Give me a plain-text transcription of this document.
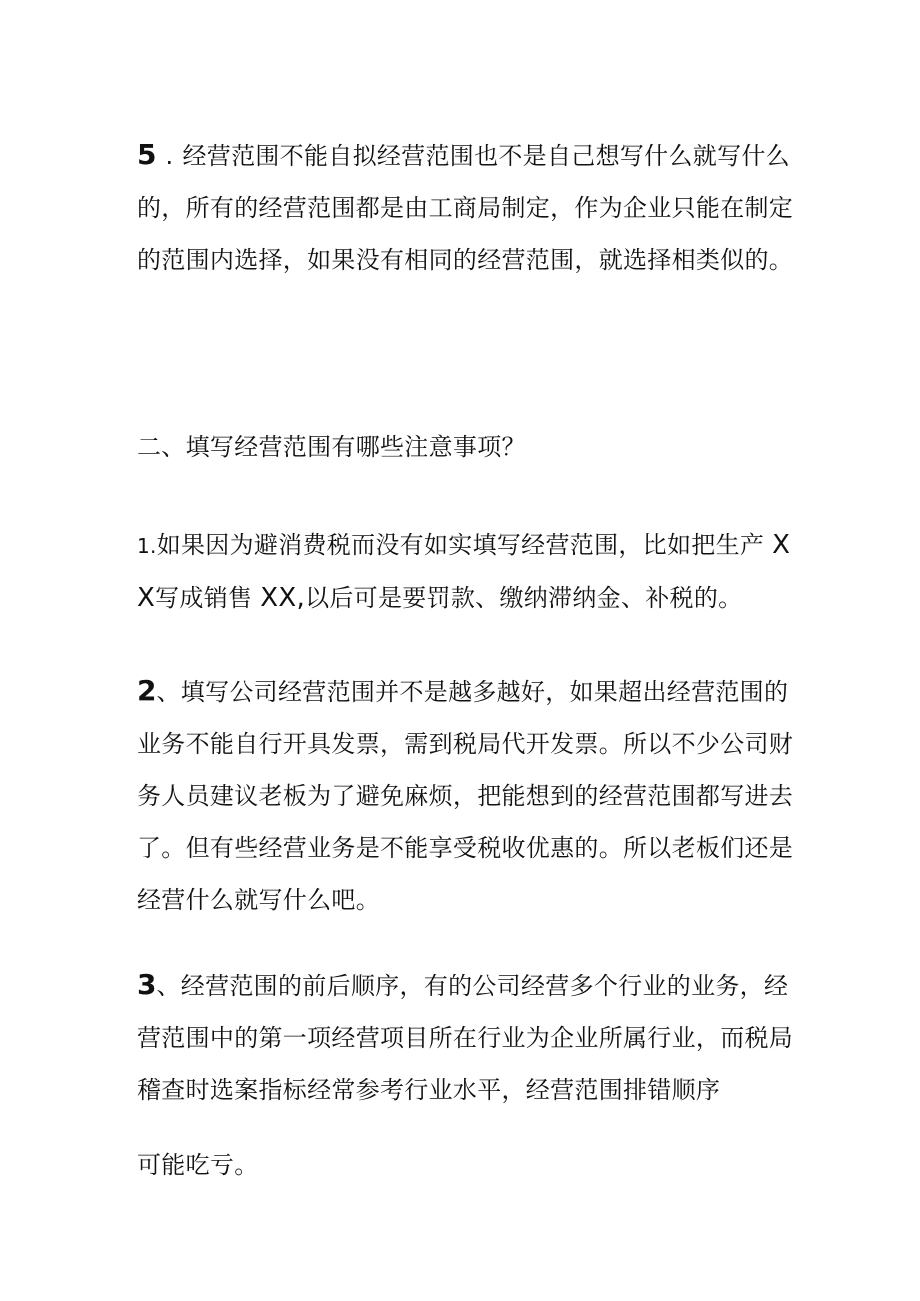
5 . 经营范围不能自拟经营范围也不是自己想写什么就写什么的，所有的经营范围都是由工商局制定，作为企业只能在制定的范围内选择，如果没有相同的经营范围，就选择相类似的。

二、填写经营范围有哪些注意事项？

1.如果因为避消费税而没有如实填写经营范围，比如把生产 XX写成销售 XX,以后可是要罚款、缴纳滞纳金、补税的。

2、填写公司经营范围并不是越多越好，如果超出经营范围的业务不能自行开具发票，需到税局代开发票。所以不少公司财务人员建议老板为了避免麻烦，把能想到的经营范围都写进去了。但有些经营业务是不能享受税收优惠的。所以老板们还是经营什么就写什么吧。

3、经营范围的前后顺序，有的公司经营多个行业的业务，经营范围中的第一项经营项目所在行业为企业所属行业，而税局稽查时选案指标经常参考行业水平，经营范围排错顺序

可能吃亏。
